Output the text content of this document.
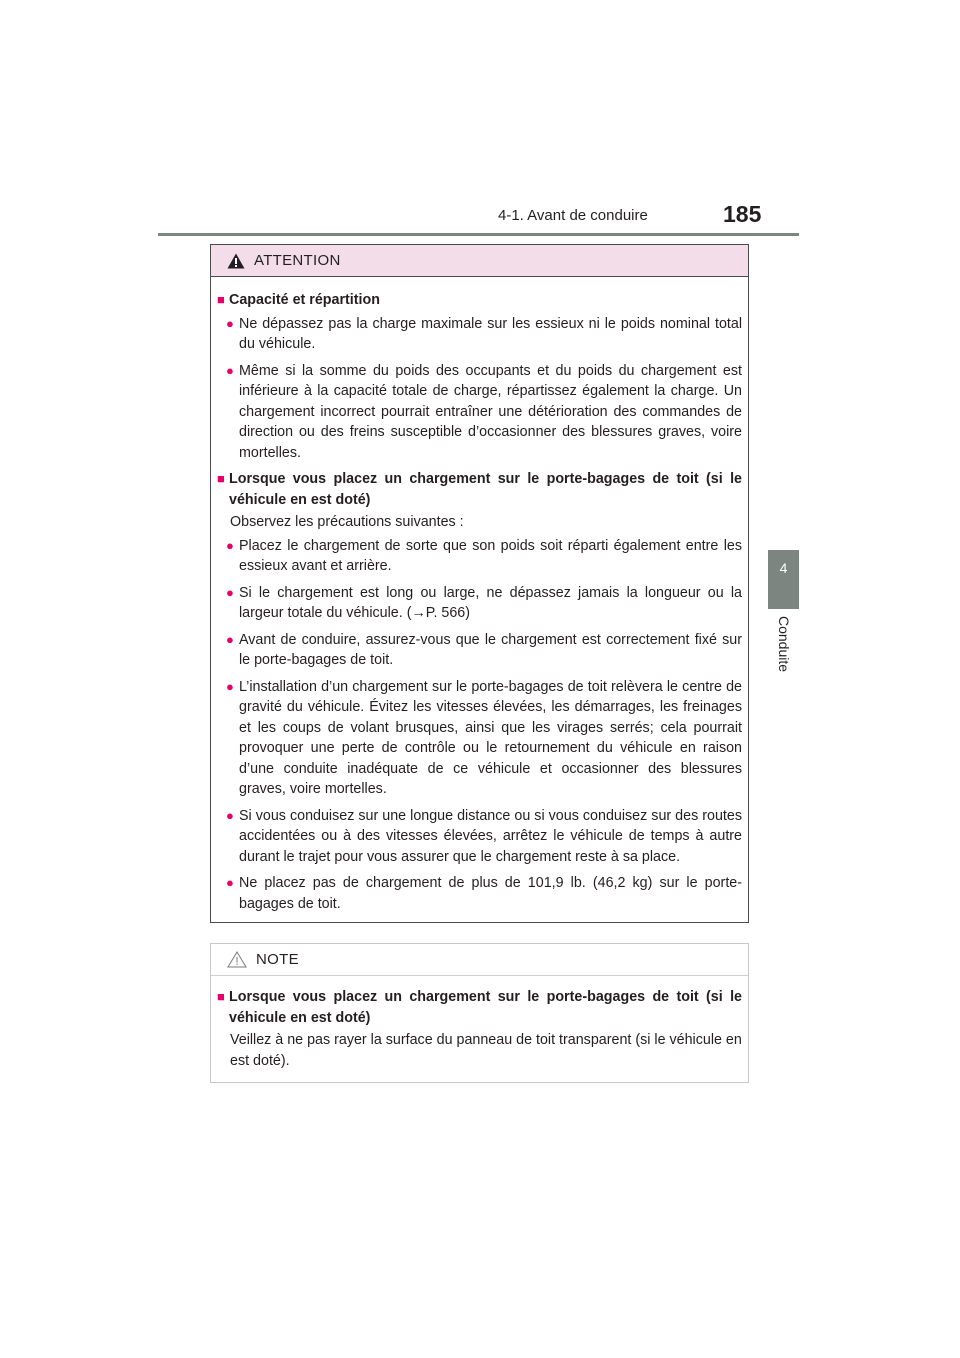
4-1. Avant de conduire	185
4
Conduite
ATTENTION
■ Capacité et répartition
● Ne dépassez pas la charge maximale sur les essieux ni le poids nominal total du véhicule.
● Même si la somme du poids des occupants et du poids du chargement est inférieure à la capacité totale de charge, répartissez également la charge. Un chargement incorrect pourrait entraîner une détérioration des commandes de direction ou des freins susceptible d’occasionner des blessures graves, voire mortelles.
■ Lorsque vous placez un chargement sur le porte-bagages de toit (si le véhicule en est doté)
Observez les précautions suivantes :
● Placez le chargement de sorte que son poids soit réparti également entre les essieux avant et arrière.
● Si le chargement est long ou large, ne dépassez jamais la longueur ou la largeur totale du véhicule. (→P. 566)
● Avant de conduire, assurez-vous que le chargement est correctement fixé sur le porte-bagages de toit.
● L’installation d’un chargement sur le porte-bagages de toit relèvera le centre de gravité du véhicule. Évitez les vitesses élevées, les démarrages, les freinages et les coups de volant brusques, ainsi que les virages serrés; cela pourrait provoquer une perte de contrôle ou le retournement du véhicule en raison d’une conduite inadéquate de ce véhicule et occasionner des blessures graves, voire mortelles.
● Si vous conduisez sur une longue distance ou si vous conduisez sur des routes accidentées ou à des vitesses élevées, arrêtez le véhicule de temps à autre durant le trajet pour vous assurer que le chargement reste à sa place.
● Ne placez pas de chargement de plus de 101,9 lb. (46,2 kg) sur le porte-bagages de toit.
NOTE
■ Lorsque vous placez un chargement sur le porte-bagages de toit (si le véhicule en est doté)
Veillez à ne pas rayer la surface du panneau de toit transparent (si le véhicule en est doté).
